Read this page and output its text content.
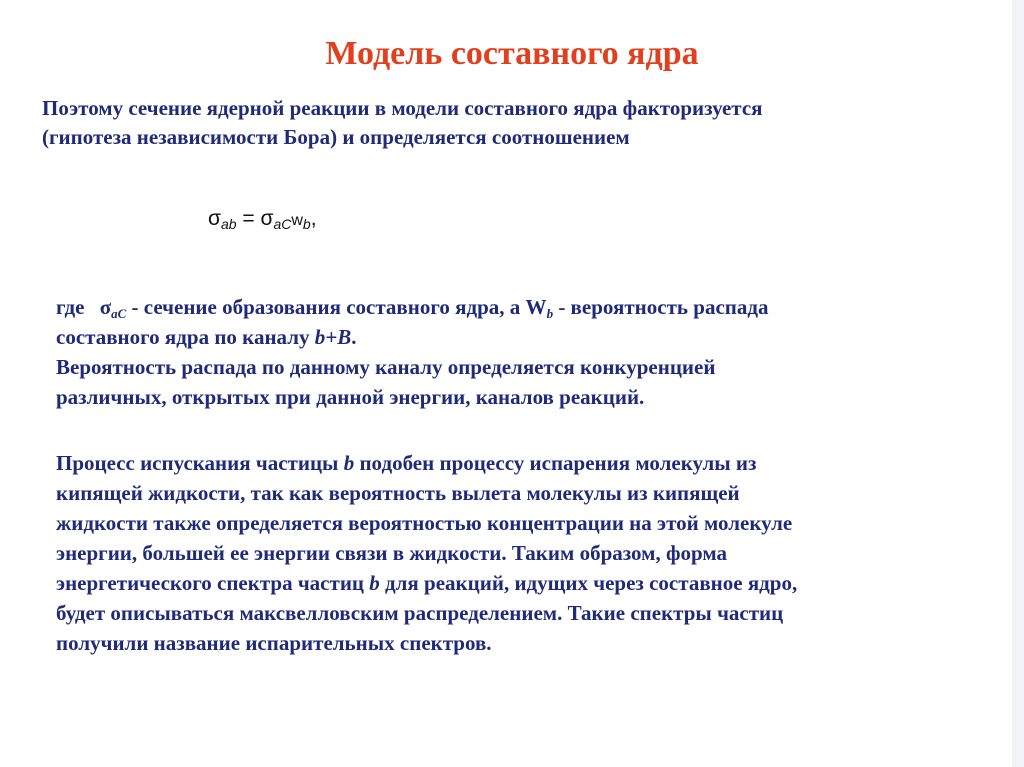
Модель составного ядра
Поэтому сечение ядерной реакции в модели составного ядра факторизуется
(гипотеза независимости Бора) и определяется соотношением
$\sigma_{ab} = \sigma_{aC}w_b$,
где $\sigma_{aC}$ - сечение образования составного ядра, а $W_b$ - вероятность распада
составного ядра по каналу b+B.
Вероятность распада по данному каналу определяется конкуренцией
различных, открытых при данной энергии, каналов реакций.
Процесс испускания частицы b подобен процессу испарения молекулы из
кипящей жидкости, так как вероятность вылета молекулы из кипящей
жидкости также определяется вероятностью концентрации на этой молекуле
энергии, большей ее энергии связи в жидкости. Таким образом, форма
энергетического спектра частиц b для реакций, идущих через составное ядро,
будет описываться максвелловским распределением. Такие спектры частиц
получили название испарительных спектров.
